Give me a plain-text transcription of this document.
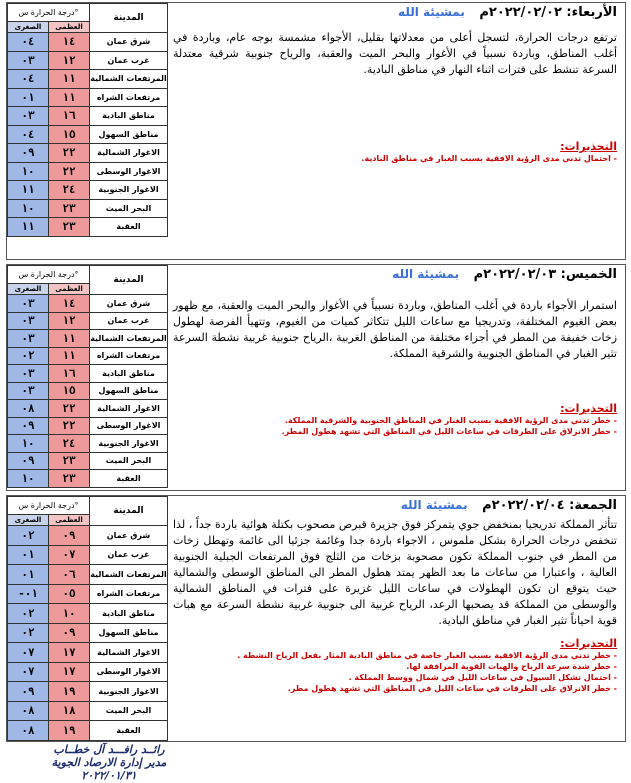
درجة الحرارة س°		المدينة
الصغرى	العظمى	
٠٤	١٤	شرق عمان
٠٣	١٢	غرب عمان
٠٤	١١	المرتفعات الشمالية
٠١	١١	مرتفعات الشراه
٠٣	١٦	مناطق البادية
٠٤	١٥	مناطق السهول
٠٩	٢٢	الاغوار الشمالية
١٠	٢٢	الاغوار الوسطى
١١	٢٤	الاغوار الجنوبية
١٠	٢٣	البحر الميت
١١	٢٣	العقبة
الأربعاء: ٢٠٢٢/٠٢/٠٢م بمشيئة الله

ترتفع درجات الحرارة، لتسجل أعلى من معدلاتها بقليل، الأجواء مشمسة بوجه عام، وباردة في أغلب المناطق، وباردة نسبياً في الأغوار والبحر الميت والعقبة، والرياح جنوبية شرقية معتدلة السرعة تنشط على فترات اثناء النهار في مناطق البادية.

التحذيرات:
- احتمال تدني مدى الرؤية الافقية بسبب الغبار في مناطق البادية.
درجة الحرارة س°		المدينة
الصغرى	العظمى	
٠٣	١٤	شرق عمان
٠٣	١٢	غرب عمان
٠٣	١١	المرتفعات الشمالية
٠٢	١١	مرتفعات الشراه
٠٣	١٦	مناطق البادية
٠٣	١٥	مناطق السهول
٠٨	٢٢	الاغوار الشمالية
٠٩	٢٢	الاغوار الوسطى
١٠	٢٤	الاغوار الجنوبية
٠٩	٢٣	البحر الميت
١٠	٢٣	العقبة
الخميس: ٢٠٢٢/٠٢/٠٣م بمشيئة الله

استمرار الأجواء باردة في أغلب المناطق، وباردة نسبياً في الأغوار والبحر الميت والعقبة، مع ظهور بعض الغيوم المختلفة، وتدريجيا مع ساعات الليل تتكاثر كميات من الغيوم، وتتهيأ الفرصة لهطول زخات خفيفة من المطر في أجزاء مختلفة من المناطق الغربية ،الرياح جنوبية غربية نشطة السرعة تثير الغبار في المناطق الجنوبية والشرقية المملكة.

التحذيرات:
- خطر تدني مدى الرؤية الافقية بسبب الغبار في المناطق الجنوبية والشرقية المملكة.
- خطر الانزلاق على الطرقات في ساعات الليل في المناطق التي تشهد هطول المطر.
درجة الحرارة س°		المدينة
الصغرى	العظمى	
٠٢	٠٩	شرق عمان
٠١	٠٧	غرب عمان
٠١	٠٦	المرتفعات الشمالية
-٠١	٠٥	مرتفعات الشراه
٠٢	١٠	مناطق البادية
٠٢	٠٩	مناطق السهول
٠٧	١٧	الاغوار الشمالية
٠٧	١٧	الاغوار الوسطى
٠٩	١٩	الاغوار الجنوبية
٠٨	١٨	البحر الميت
٠٨	١٩	العقبة
الجمعة: ٢٠٢٢/٠٢/٠٤م بمشيئة الله

تتأثر المملكة تدريجيا بمنخفض جوي يتمركز فوق جزيرة قبرص مصحوب بكتلة هوائية باردة جداً ، لذا تنخفض درجات الحرارة بشكل ملموس ، الاجواء باردة جدا وغائمة جزئيا الى غائمة وتهطل زخات من المطر في جنوب المملكة تكون مصحوبة بزخات من الثلج فوق المرتفعات الجبلية الجنوبية العالية ، واعتبارا من ساعات ما بعد الظهر يمتد هطول المطر الى المناطق الوسطى والشمالية حيث يتوقع ان تكون الهطولات في ساعات الليل غزيرة على فترات في المناطق الشمالية والوسطى من المملكة قد يصحبها الرعد، الرياح غربية الى جنوبية غربية نشطة السرعة مع هبات قوية احياناً تثير الغبار في مناطق البادية.

التحذيرات:
- خطر تدني مدى الرؤية الافقية بسبب الغبار خاصة في مناطق البادية المثار بفعل الرياح النشطة .
- خطر شدة سرعة الرياح والهبات القوية المرافقة لها.
- احتمال تشكل السيول في ساعات الليل في شمال ووسط المملكة .
- خطر الانزلاق على الطرقات في ساعات الليل في المناطق التي تشهد هطول مطر.
رائــد رافـــد آل خطــاب
مدير إدارة الارصاد الجوية
٢٠٢٢/٠١/٣١
